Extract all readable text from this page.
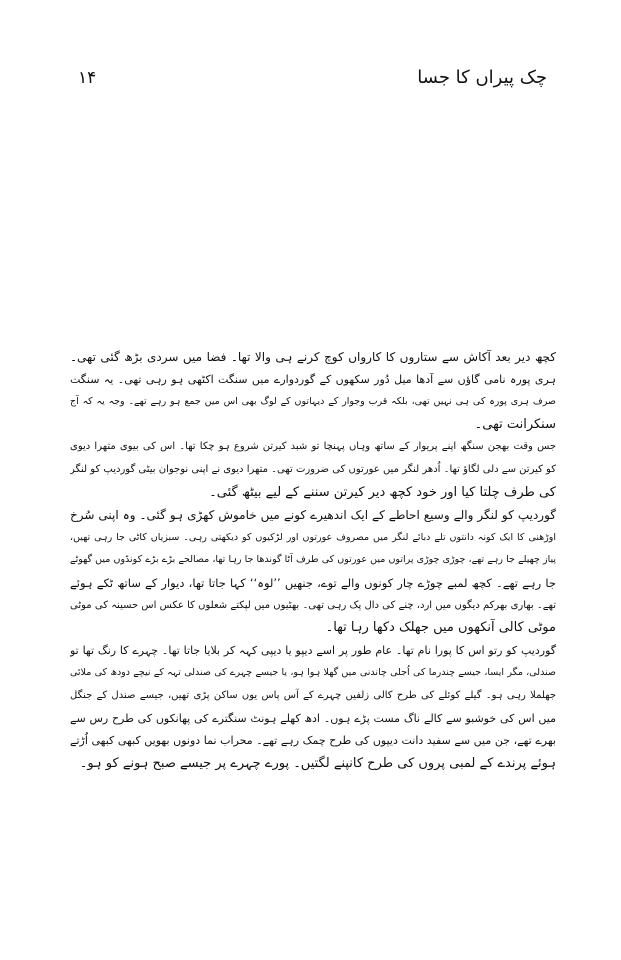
۱۴	چک پیراں کا جسا
کچھ دیر بعد آکاش سے ستاروں کا کارواں کوچ کرنے ہی والا تھا۔ فضا میں سردی بڑھ گئی تھی۔
ہری پورہ نامی گاؤں سے آدھا میل دُور سکھوں کے گوردوارے میں سنگت اکٹھی ہو رہی تھی۔ یہ سنگت
صرف ہری پورہ کی ہی نہیں تھی، بلکہ قرب وجوار کے دیہاتوں کے لوگ بھی اس میں جمع ہو رہے تھے۔ وجہ یہ کہ آج
سنکرانت تھی۔
جس وقت بھجن سنگھ اپنے پریوار کے ساتھ وہاں پہنچا تو شبد کیرتن شروع ہو چکا تھا۔ اس کی بیوی متھرا دیوی
کو کیرتن سے دلی لگاؤ تھا۔ اُدھر لنگر میں عورتوں کی ضرورت تھی۔ متھرا دیوی نے اپنی نوجوان بیٹی گوردیپ کو لنگر
کی طرف چلتا کیا اور خود کچھ دیر کیرتن سننے کے لیے بیٹھ گئی۔
گوردیپ کو لنگر والے وسیع احاطے کے ایک اندھیرے کونے میں خاموش کھڑی ہو گئی۔ وہ اپنی سُرخ
اوڑھنی کا ایک کونہ دانتوں تلے دبائے لنگر میں مصروف عورتوں اور لڑکیوں کو دیکھتی رہی۔ سبزیاں کاٹی جا رہی تھیں،
پیاز چھیلے جا رہے تھے، چوڑی چوڑی پراتوں میں عورتوں کی طرف آٹا گوندھا جا رہا تھا، مصالحے بڑے بڑے کونڈوں میں گھوٹے
جا رہے تھے۔ کچھ لمبے چوڑے چار کونوں والے توے، جنھیں ’’لوہ‘‘ کہا جاتا تھا، دیوار کے ساتھ ٹکے ہوئے
تھے۔ بھاری بھرکم دیگوں میں ارد، چنے کی دال پک رہی تھی۔ بھٹیوں میں لپکتے شعلوں کا عکس اس حسینہ کی موٹی
موٹی کالی آنکھوں میں جھلک دکھا رہا تھا۔
گوردیپ کو رتو اس کا پورا نام تھا۔ عام طور پر اسے دیپو یا دیپی کہہ کر بلایا جاتا تھا۔ چہرے کا رنگ تھا تو
صندلی، مگر ایسا، جیسے چندرما کی اُجلی چاندنی میں گھلا ہوا ہو، یا جیسے چہرے کی صندلی تہہ کے نیچے دودھ کی ملائی
جھلملا رہی ہو۔ گیلے کوئلے کی طرح کالی زلفیں چہرے کے آس پاس یوں ساکن پڑی تھیں، جیسے صندل کے جنگل
میں اس کی خوشبو سے کالے ناگ مست پڑے ہوں۔ ادھ کھلے ہونٹ سنگترے کی پھانکوں کی طرح رس سے
بھرے تھے، جن میں سے سفید دانت دیپوں کی طرح چمک رہے تھے۔ محراب نما دونوں بھویں کبھی کبھی اُڑتے
ہوئے پرندے کے لمبی پروں کی طرح کانپنے لگتیں۔ پورے چہرے پر جیسے صبح ہونے کو ہو۔
